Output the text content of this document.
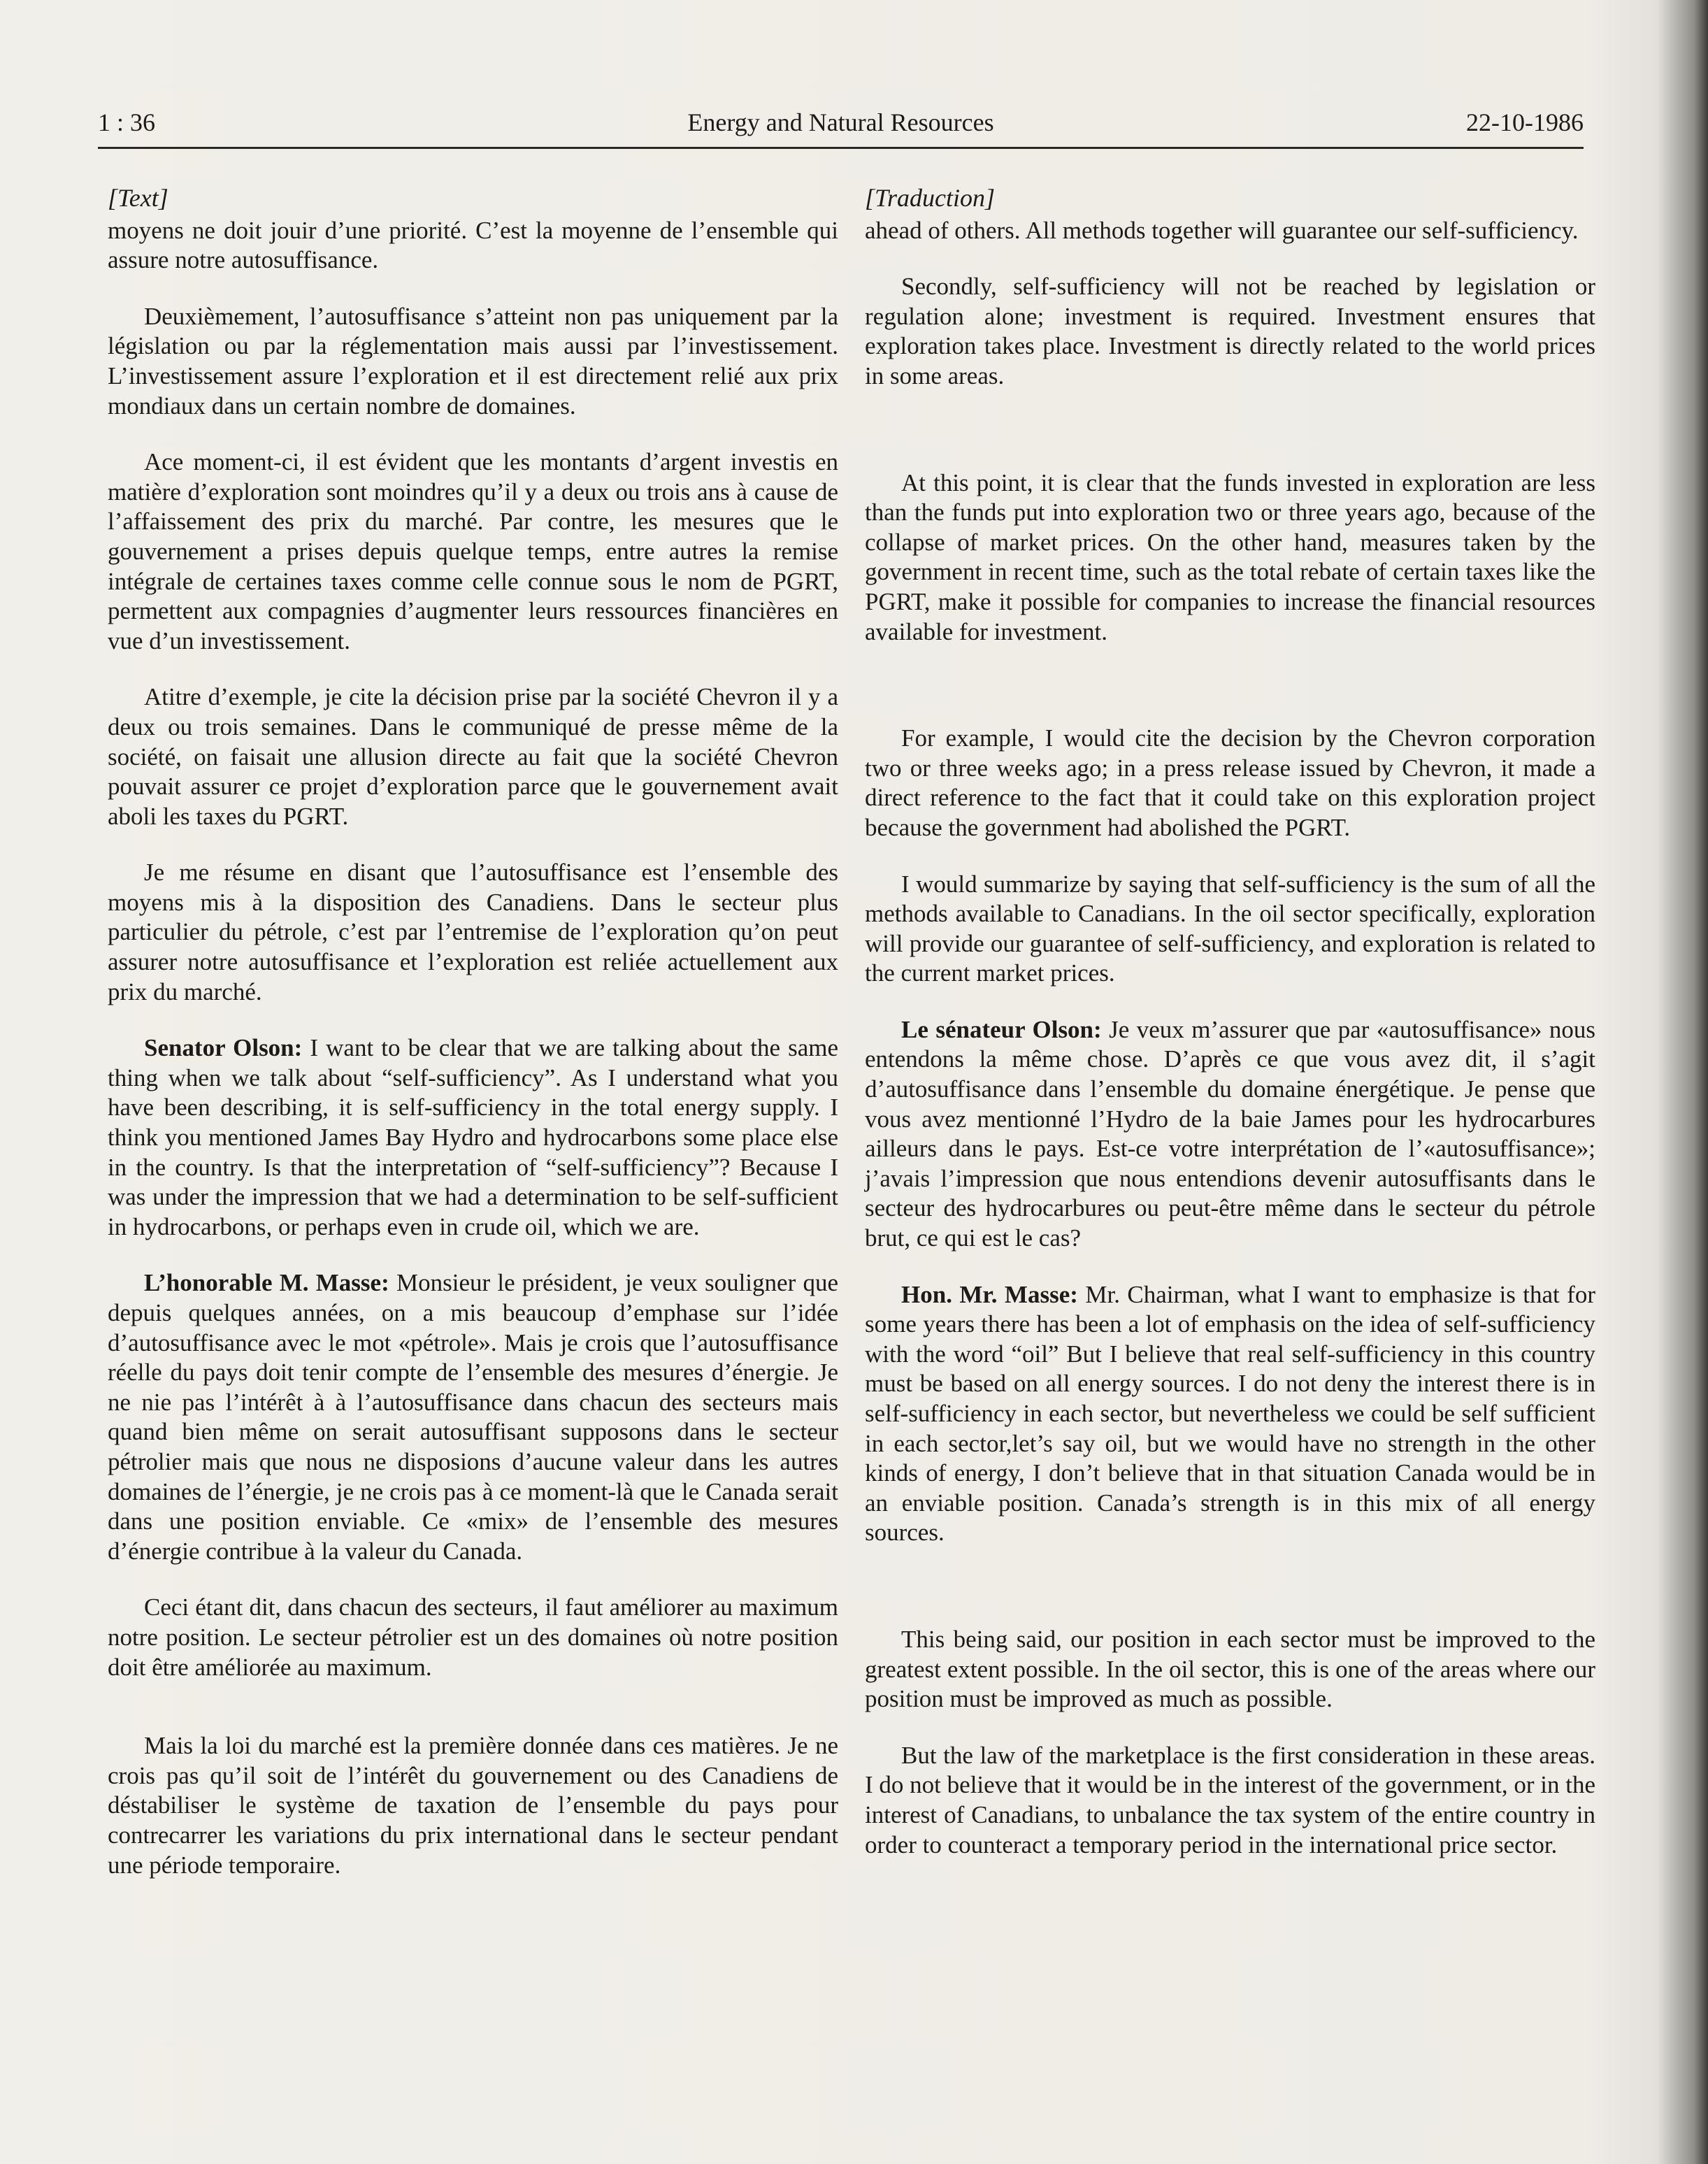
1 : 36	Energy and Natural Resources	22-10-1986

[Text]

moyens ne doit jouir d’une priorité. C’est la moyenne de l’ensemble qui assure notre autosuffisance.

Deuxièmement, l’autosuffisance s’atteint non pas uniquement par la législation ou par la réglementation mais aussi par l’investissement. L’investissement assure l’exploration et il est directement relié aux prix mondiaux dans un certain nombre de domaines.

Ace moment-ci, il est évident que les montants d’argent investis en matière d’exploration sont moindres qu’il y a deux ou trois ans à cause de l’affaissement des prix du marché. Par contre, les mesures que le gouvernement a prises depuis quelque temps, entre autres la remise intégrale de certaines taxes comme celle connue sous le nom de PGRT, permettent aux compagnies d’augmenter leurs ressources financières en vue d’un investissement.

Atitre d’exemple, je cite la décision prise par la société Chevron il y a deux ou trois semaines. Dans le communiqué de presse même de la société, on faisait une allusion directe au fait que la société Chevron pouvait assurer ce projet d’exploration parce que le gouvernement avait aboli les taxes du PGRT.

Je me résume en disant que l’autosuffisance est l’ensemble des moyens mis à la disposition des Canadiens. Dans le secteur plus particulier du pétrole, c’est par l’entremise de l’exploration qu’on peut assurer notre autosuffisance et l’exploration est reliée actuellement aux prix du marché.

Senator Olson: I want to be clear that we are talking about the same thing when we talk about “self-sufficiency”. As I understand what you have been describing, it is self-sufficiency in the total energy supply. I think you mentioned James Bay Hydro and hydrocarbons some place else in the country. Is that the interpretation of “self-sufficiency”? Because I was under the impression that we had a determination to be self-sufficient in hydrocarbons, or perhaps even in crude oil, which we are.

L’honorable M. Masse: Monsieur le président, je veux souligner que depuis quelques années, on a mis beaucoup d’emphase sur l’idée d’autosuffisance avec le mot «pétrole». Mais je crois que l’autosuffisance réelle du pays doit tenir compte de l’ensemble des mesures d’énergie. Je ne nie pas l’intérêt à à l’autosuffisance dans chacun des secteurs mais quand bien même on serait autosuffisant supposons dans le secteur pétrolier mais que nous ne disposions d’aucune valeur dans les autres domaines de l’énergie, je ne crois pas à ce moment-là que le Canada serait dans une position enviable. Ce «mix» de l’ensemble des mesures d’énergie contribue à la valeur du Canada.

Ceci étant dit, dans chacun des secteurs, il faut améliorer au maximum notre position. Le secteur pétrolier est un des domaines où notre position doit être améliorée au maximum.

Mais la loi du marché est la première donnée dans ces matières. Je ne crois pas qu’il soit de l’intérêt du gouvernement ou des Canadiens de déstabiliser le système de taxation de l’ensemble du pays pour contrecarrer les variations du prix international dans le secteur pendant une période temporaire.

[Traduction]

ahead of others. All methods together will guarantee our self-sufficiency.

Secondly, self-sufficiency will not be reached by legislation or regulation alone; investment is required. Investment ensures that exploration takes place. Investment is directly related to the world prices in some areas.

At this point, it is clear that the funds invested in exploration are less than the funds put into exploration two or three years ago, because of the collapse of market prices. On the other hand, measures taken by the government in recent time, such as the total rebate of certain taxes like the PGRT, make it possible for companies to increase the financial resources available for investment.

For example, I would cite the decision by the Chevron corporation two or three weeks ago; in a press release issued by Chevron, it made a direct reference to the fact that it could take on this exploration project because the government had abolished the PGRT.

I would summarize by saying that self-sufficiency is the sum of all the methods available to Canadians. In the oil sector specifically, exploration will provide our guarantee of self-sufficiency, and exploration is related to the current market prices.

Le sénateur Olson: Je veux m’assurer que par «autosuffisance» nous entendons la même chose. D’après ce que vous avez dit, il s’agit d’autosuffisance dans l’ensemble du domaine énergétique. Je pense que vous avez mentionné l’Hydro de la baie James pour les hydrocarbures ailleurs dans le pays. Est-ce votre interprétation de l’«autosuffisance»; j’avais l’impression que nous entendions devenir autosuffisants dans le secteur des hydrocarbures ou peut-être même dans le secteur du pétrole brut, ce qui est le cas?

Hon. Mr. Masse: Mr. Chairman, what I want to emphasize is that for some years there has been a lot of emphasis on the idea of self-sufficiency with the word “oil” But I believe that real self-sufficiency in this country must be based on all energy sources. I do not deny the interest there is in self-sufficiency in each sector, but nevertheless we could be self sufficient in each sector,let’s say oil, but we would have no strength in the other kinds of energy, I don’t believe that in that situation Canada would be in an enviable position. Canada’s strength is in this mix of all energy sources.

This being said, our position in each sector must be improved to the greatest extent possible. In the oil sector, this is one of the areas where our position must be improved as much as possible.

But the law of the marketplace is the first consideration in these areas. I do not believe that it would be in the interest of the government, or in the interest of Canadians, to unbalance the tax system of the entire country in order to counteract a temporary period in the international price sector.
